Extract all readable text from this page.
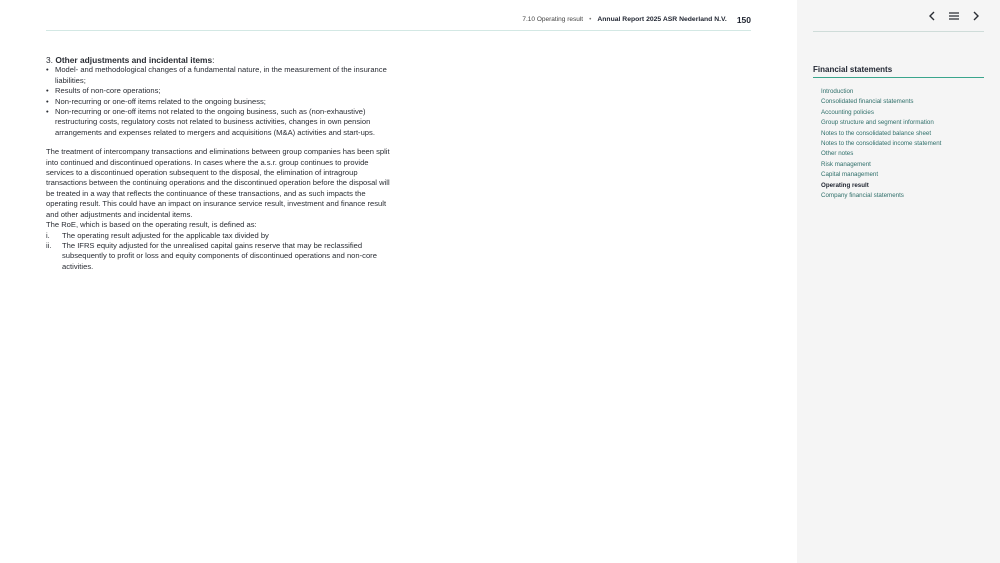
7.10 Operating result • Annual Report 2025 ASR Nederland N.V. 150

3. Other adjustments and incidental items:

• Model- and methodological changes of a fundamental nature, in the measurement of the insurance liabilities;
• Results of non-core operations;
• Non-recurring or one-off items related to the ongoing business;
• Non-recurring or one-off items not related to the ongoing business, such as (non-exhaustive) restructuring costs, regulatory costs not related to business activities, changes in own pension arrangements and expenses related to mergers and acquisitions (M&A) activities and start-ups.

The treatment of intercompany transactions and eliminations between group companies has been split into continued and discontinued operations. In cases where the a.s.r. group continues to provide services to a discontinued operation subsequent to the disposal, the elimination of intragroup transactions between the continuing operations and the discontinued operation before the disposal will be treated in a way that reflects the continuance of these transactions, and as such impacts the operating result. This could have an impact on insurance service result, investment and finance result and other adjustments and incidental items.

The RoE, which is based on the operating result, is defined as:

i.	The operating result adjusted for the applicable tax divided by
ii.	The IFRS equity adjusted for the unrealised capital gains reserve that may be reclassified subsequently to profit or loss and equity components of discontinued operations and non-core activities.
Financial statements
Introduction
Consolidated financial statements
Accounting policies
Group structure and segment information
Notes to the consolidated balance sheet
Notes to the consolidated income statement
Other notes
Risk management
Capital management
Operating result
Company financial statements
